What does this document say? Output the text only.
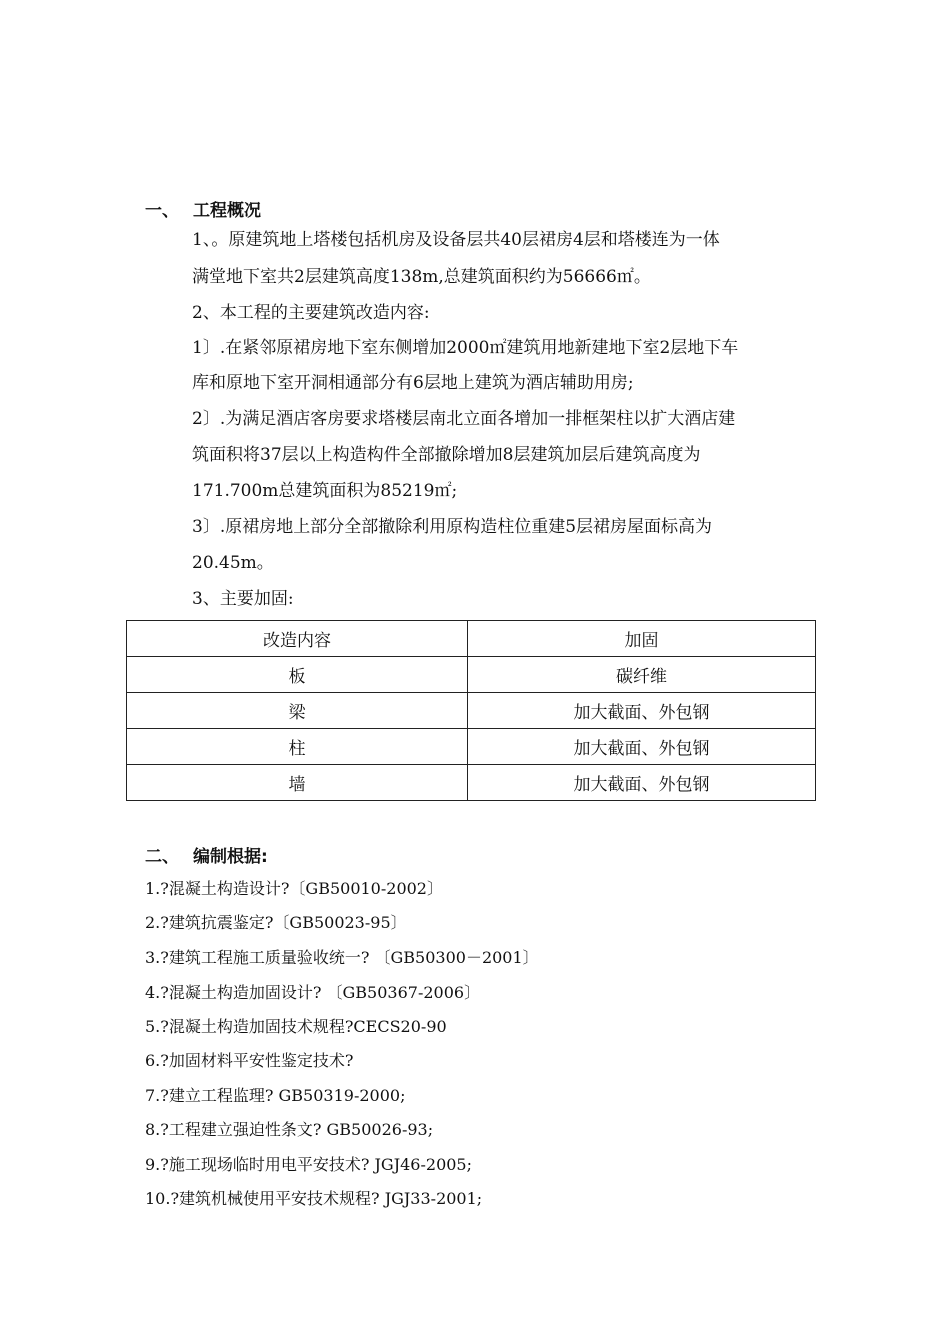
一、 工程概况
1、。原建筑地上塔楼包括机房及设备层共40层裙房4层和塔楼连为一体
满堂地下室共2层建筑高度138m,总建筑面积约为56666㎡。
2、本工程的主要建筑改造内容:
1〕.在紧邻原裙房地下室东侧增加2000㎡建筑用地新建地下室2层地下车
库和原地下室开洞相通部分有6层地上建筑为酒店辅助用房;
2〕.为满足酒店客房要求塔楼层南北立面各增加一排框架柱以扩大酒店建
筑面积将37层以上构造构件全部撤除增加8层建筑加层后建筑高度为
171.700m总建筑面积为85219㎡;
3〕.原裙房地上部分全部撤除利用原构造柱位重建5层裙房屋面标高为
20.45m。
3、主要加固:
改造内容	加固
板	碳纤维
梁	加大截面、外包钢
柱	加大截面、外包钢
墙	加大截面、外包钢
二、 编制根据:
1.?混凝土构造设计?〔GB50010-2002〕
2.?建筑抗震鉴定?〔GB50023-95〕
3.?建筑工程施工质量验收统一? 〔GB50300－2001〕
4.?混凝土构造加固设计? 〔GB50367-2006〕
5.?混凝土构造加固技术规程?CECS20-90
6.?加固材料平安性鉴定技术?
7.?建立工程监理? GB50319-2000;
8.?工程建立强迫性条文? GB50026-93;
9.?施工现场临时用电平安技术? JGJ46-2005;
10.?建筑机械使用平安技术规程? JGJ33-2001;
